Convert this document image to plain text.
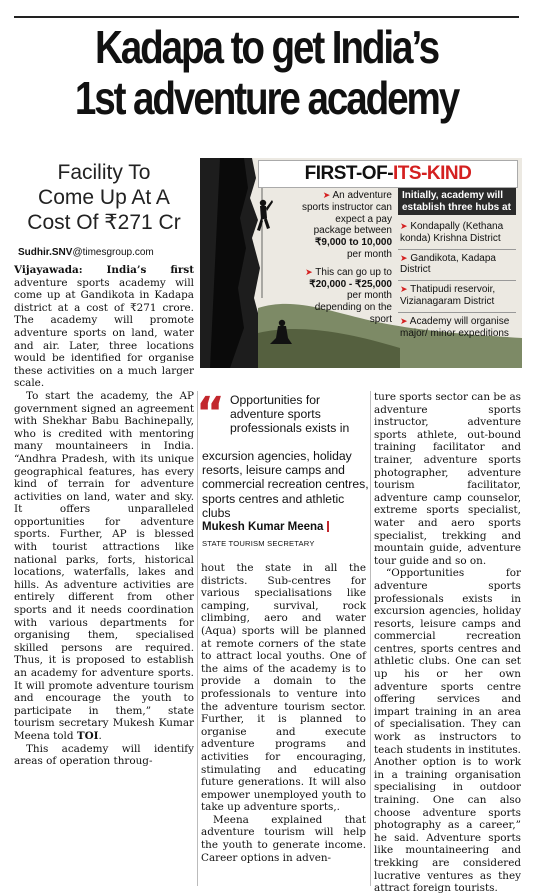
Kadapa to get India’s
1st adventure academy
Facility To
Come Up At A
Cost Of ₹271 Cr
Sudhir.SNV@timesgroup.com
FIRST-OF-ITS-KIND

➤ An adventure sports instructor can expect a pay package between ₹9,000 to 10,000 per month

➤ This can go up to ₹20,000 - ₹25,000 per month depending on the sport

Initially, academy will establish three hubs at
➤ Kondapally (Kethana konda) Krishna District
➤ Gandikota, Kadapa District
➤ Thatipudi reservoir, Vizianagaram District
➤ Academy will organise major/ minor expeditions

Vijayawada: India’s first adventure sports academy will come up at Gandikota in Kadapa district at a cost of ₹271 crore. The academy will promote adventure sports on land, water and air. Later, three locations would be identified for organise these activities on a much larger scale.

To start the academy, the AP government signed an agreement with Shekhar Babu Bachinepally, who is credited with mentoring many mountaineers in India. “Andhra Pradesh, with its unique geographical features, has every kind of terrain for adventure activities on land, water and sky. It offers unparalleled opportunities for adventure sports. Further, AP is blessed with tourist attractions like national parks, forts, historical locations, waterfalls, lakes and hills. As adventure activities are entirely different from other sports and it needs coordination with various departments for organising them, specialised skilled persons are required. Thus, it is proposed to establish an academy for adventure sports. It will promote adventure tourism and encourage the youth to participate in them,” state tourism secretary Mukesh Kumar Meena told TOI.

This academy will identify areas of operation throug-

“ Opportunities for adventure sports professionals exists in
excursion agencies, holiday resorts, leisure camps and commercial recreation centres, sports centres and athletic clubs
Mukesh Kumar Meena
STATE TOURISM SECRETARY

hout the state in all the districts. Sub-centres for various specialisations like camping, survival, rock climbing, aero and water (Aqua) sports will be planned at remote corners of the state to attract local youths. One of the aims of the academy is to provide a domain to the professionals to venture into the adventure tourism sector. Further, it is planned to organise and execute adventure programs and activities for encouraging, stimulating and educating future generations. It will also empower unemployed youth to take up adventure sports,.

Meena explained that adventure tourism will help the youth to generate income. Career options in adven-

ture sports sector can be as adventure sports instructor, adventure sports athlete, out-bound training facilitator and trainer, adventure sports photographer, adventure tourism facilitator, adventure camp counselor, extreme sports specialist, water and aero sports specialist, trekking and mountain guide, adventure tour guide and so on.

“Opportunities for adventure sports professionals exists in excursion agencies, holiday resorts, leisure camps and commercial recreation centres, sports centres and athletic clubs. One can set up his or her own adventure sports centre offering services and impart training in an area of specialisation. They can work as instructors to teach students in institutes. Another option is to work in a training organisation specialising in outdoor training. One can also choose adventure sports photography as a career,” he said. Adventure sports like mountaineering and trekking are considered lucrative ventures as they attract foreign tourists.
